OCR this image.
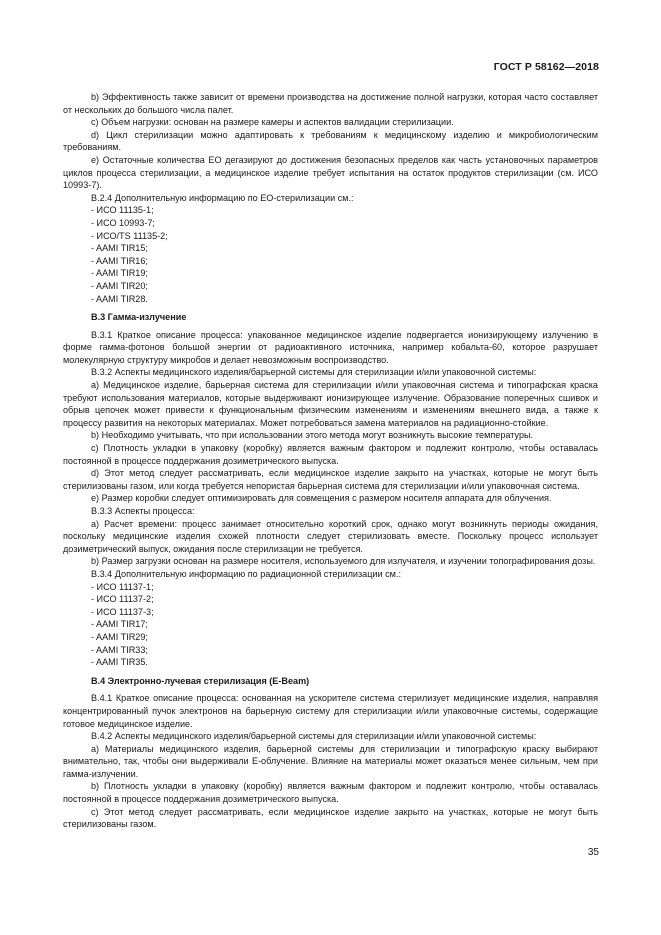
ГОСТ Р 58162—2018

b) Эффективность также зависит от времени производства на достижение полной нагрузки, которая часто составляет от нескольких до большого числа палет.

c) Объем нагрузки: основан на размере камеры и аспектов валидации стерилизации.

d) Цикл стерилизации можно адаптировать к требованиям к медицинскому изделию и микробиологическим требованиям.

e) Остаточные количества ЕО дегазируют до достижения безопасных пределов как часть установочных параметров циклов процесса стерилизации, а медицинское изделие требует испытания на остаток продуктов стерилизации (см. ИСО 10993-7).

В.2.4 Дополнительную информацию по ЕО-стерилизации см.:

- ИСО 11135-1;

- ИСО 10993-7;

- ИСО/TS 11135-2;

- AAMI TIR15;

- AAMI TIR16;

- AAMI TIR19;

- AAMI TIR20;

- AAMI TIR28.

В.3 Гамма-излучение

В.3.1 Краткое описание процесса: упакованное медицинское изделие подвергается ионизирующему излучению в форме гамма-фотонов большой энергии от радиоактивного источника, например кобальта-60, которое разрушает молекулярную структуру микробов и делает невозможным воспроизводство.

В.3.2 Аспекты медицинского изделия/барьерной системы для стерилизации и/или упаковочной системы:

a) Медицинское изделие, барьерная система для стерилизации и/или упаковочная система и типографская краска требуют использования материалов, которые выдерживают ионизирующее излучение. Образование поперечных сшивок и обрыв цепочек может привести к функциональным физическим изменениям и изменениям внешнего вида, а также к процессу развития на некоторых материалах. Может потребоваться замена материалов на радиационно-стойкие.

b) Необходимо учитывать, что при использовании этого метода могут возникнуть высокие температуры.

c) Плотность укладки в упаковку (коробку) является важным фактором и подлежит контролю, чтобы оставалась постоянной в процессе поддержания дозиметрического выпуска.

d) Этот метод следует рассматривать, если медицинское изделие закрыто на участках, которые не могут быть стерилизованы газом, или когда требуется непористая барьерная система для стерилизации и/или упаковочная система.

e) Размер коробки следует оптимизировать для совмещения с размером носителя аппарата для облучения.

В.3.3 Аспекты процесса:

a) Расчет времени: процесс занимает относительно короткий срок, однако могут возникнуть периоды ожидания, поскольку медицинские изделия схожей плотности следует стерилизовать вместе. Поскольку процесс использует дозиметрический выпуск, ожидания после стерилизации не требуется.

b) Размер загрузки основан на размере носителя, используемого для излучателя, и изучении топографирования дозы.

В.3.4 Дополнительную информацию по радиационной стерилизации см.:

- ИСО 11137-1;

- ИСО 11137-2;

- ИСО 11137-3;

- AAMI TIR17;

- AAMI TIR29;

- AAMI TIR33;

- AAMI TIR35.

В.4 Электронно-лучевая стерилизация (E-Beam)

В.4.1 Краткое описание процесса: основанная на ускорителе система стерилизует медицинские изделия, направляя концентрированный пучок электронов на барьерную систему для стерилизации и/или упаковочные системы, содержащие готовое медицинское изделие.

В.4.2 Аспекты медицинского изделия/барьерной системы для стерилизации и/или упаковочной системы:

a) Материалы медицинского изделия, барьерной системы для стерилизации и типографскую краску выбирают внимательно, так, чтобы они выдерживали E-облучение. Влияние на материалы может оказаться менее сильным, чем при гамма-излучении.

b) Плотность укладки в упаковку (коробку) является важным фактором и подлежит контролю, чтобы оставалась постоянной в процессе поддержания дозиметрического выпуска.

c) Этот метод следует рассматривать, если медицинское изделие закрыто на участках, которые не могут быть стерилизованы газом.

35
